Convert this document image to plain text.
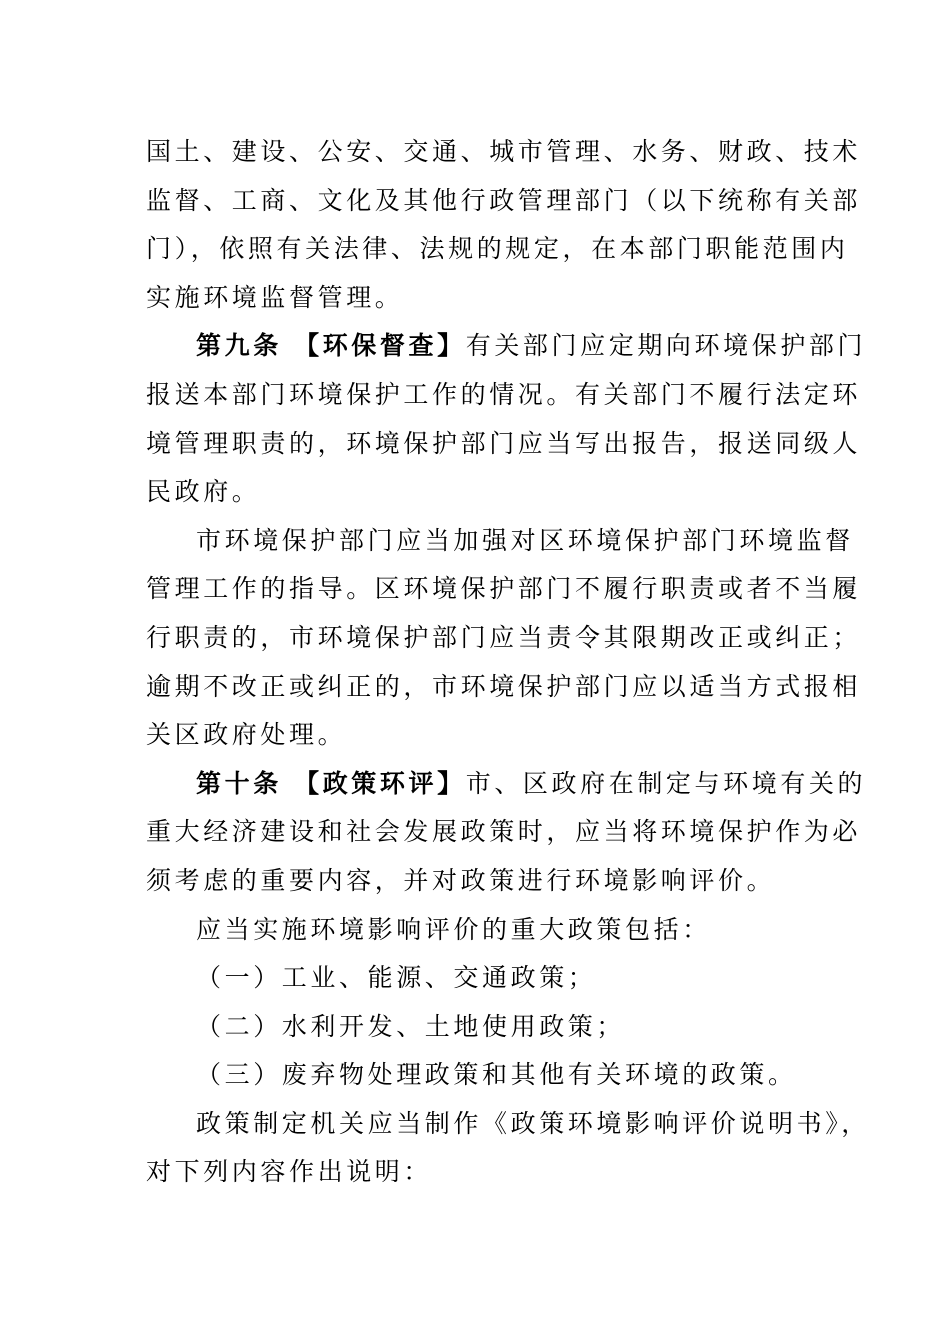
国土、建设、公安、交通、城市管理、水务、财政、技术
监督、工商、文化及其他行政管理部门（以下统称有关部
门），依照有关法律、法规的规定，在本部门职能范围内
实施环境监督管理。
第九条 【环保督查】有关部门应定期向环境保护部门
报送本部门环境保护工作的情况。有关部门不履行法定环
境管理职责的，环境保护部门应当写出报告，报送同级人
民政府。
市环境保护部门应当加强对区环境保护部门环境监督
管理工作的指导。区环境保护部门不履行职责或者不当履
行职责的，市环境保护部门应当责令其限期改正或纠正；
逾期不改正或纠正的，市环境保护部门应以适当方式报相
关区政府处理。
第十条 【政策环评】市、区政府在制定与环境有关的
重大经济建设和社会发展政策时，应当将环境保护作为必
须考虑的重要内容，并对政策进行环境影响评价。
应当实施环境影响评价的重大政策包括：
（一）工业、能源、交通政策；
（二）水利开发、土地使用政策；
（三）废弃物处理政策和其他有关环境的政策。
政策制定机关应当制作《政策环境影响评价说明书》，
对下列内容作出说明：
